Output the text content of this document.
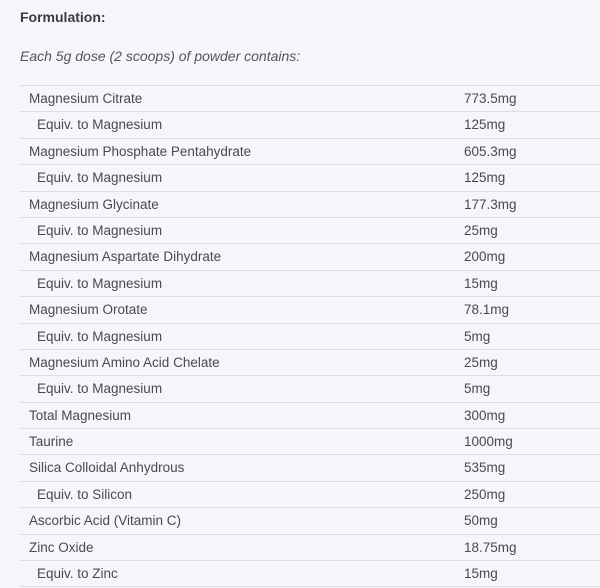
Formulation:
Each 5g dose (2 scoops) of powder contains:
Magnesium Citrate	773.5mg
Equiv. to Magnesium	125mg
Magnesium Phosphate Pentahydrate	605.3mg
Equiv. to Magnesium	125mg
Magnesium Glycinate	177.3mg
Equiv. to Magnesium	25mg
Magnesium Aspartate Dihydrate	200mg
Equiv. to Magnesium	15mg
Magnesium Orotate	78.1mg
Equiv. to Magnesium	5mg
Magnesium Amino Acid Chelate	25mg
Equiv. to Magnesium	5mg
Total Magnesium	300mg
Taurine	1000mg
Silica Colloidal Anhydrous	535mg
Equiv. to Silicon	250mg
Ascorbic Acid (Vitamin C)	50mg
Zinc Oxide	18.75mg
Equiv. to Zinc	15mg
